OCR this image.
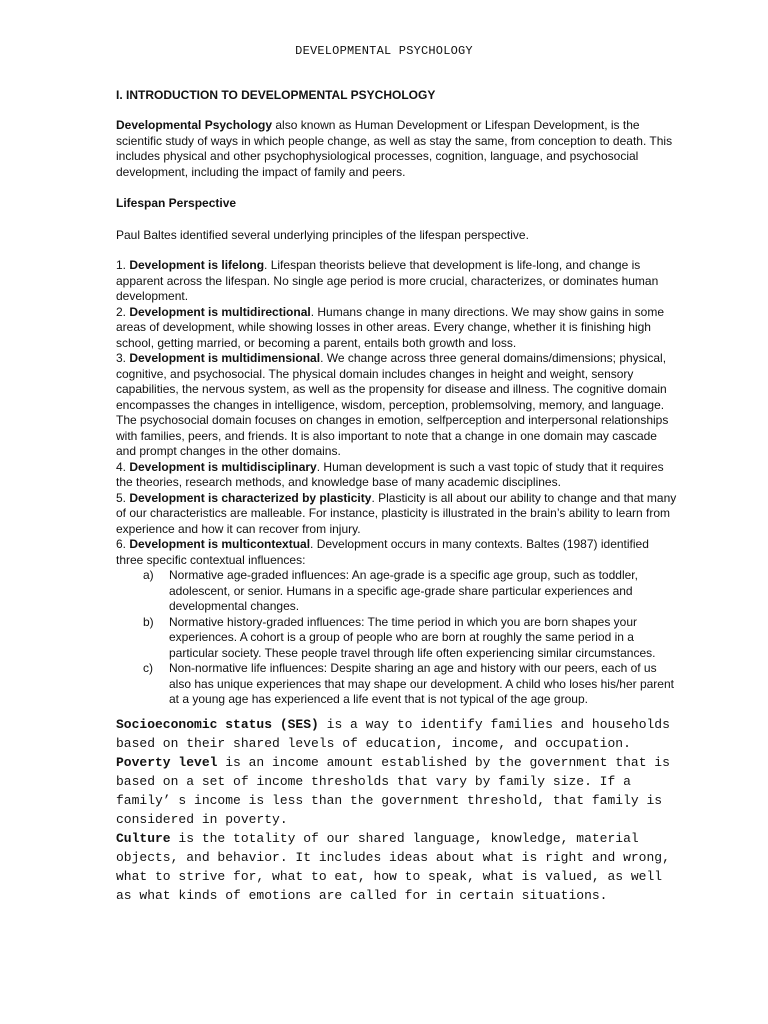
DEVELOPMENTAL PSYCHOLOGY
I. INTRODUCTION TO DEVELOPMENTAL PSYCHOLOGY
Developmental Psychology also known as Human Development or Lifespan Development, is the scientific study of ways in which people change, as well as stay the same, from conception to death. This includes physical and other psychophysiological processes, cognition, language, and psychosocial development, including the impact of family and peers.
Lifespan Perspective
Paul Baltes identified several underlying principles of the lifespan perspective.

1. Development is lifelong. Lifespan theorists believe that development is life-long, and change is apparent across the lifespan. No single age period is more crucial, characterizes, or dominates human development.

2. Development is multidirectional. Humans change in many directions. We may show gains in some areas of development, while showing losses in other areas. Every change, whether it is finishing high school, getting married, or becoming a parent, entails both growth and loss.

3. Development is multidimensional. We change across three general domains/dimensions; physical, cognitive, and psychosocial. The physical domain includes changes in height and weight, sensory capabilities, the nervous system, as well as the propensity for disease and illness. The cognitive domain encompasses the changes in intelligence, wisdom, perception, problemsolving, memory, and language. The psychosocial domain focuses on changes in emotion, selfperception and interpersonal relationships with families, peers, and friends. It is also important to note that a change in one domain may cascade and prompt changes in the other domains.

4. Development is multidisciplinary. Human development is such a vast topic of study that it requires the theories, research methods, and knowledge base of many academic disciplines.

5. Development is characterized by plasticity. Plasticity is all about our ability to change and that many of our characteristics are malleable. For instance, plasticity is illustrated in the brain’s ability to learn from experience and how it can recover from injury.

6. Development is multicontextual. Development occurs in many contexts. Baltes (1987) identified three specific contextual influences:

a) Normative age-graded influences: An age-grade is a specific age group, such as toddler, adolescent, or senior. Humans in a specific age-grade share particular experiences and developmental changes.
b) Normative history-graded influences: The time period in which you are born shapes your experiences. A cohort is a group of people who are born at roughly the same period in a particular society. These people travel through life often experiencing similar circumstances.
c) Non-normative life influences: Despite sharing an age and history with our peers, each of us also has unique experiences that may shape our development. A child who loses his/her parent at a young age has experienced a life event that is not typical of the age group.

Socioeconomic status (SES) is a way to identify families and households based on their shared levels of education, income, and occupation.

Poverty level is an income amount established by the government that is based on a set of income thresholds that vary by family size. If a family’ s income is less than the government threshold, that family is considered in poverty.

Culture is the totality of our shared language, knowledge, material objects, and behavior. It includes ideas about what is right and wrong, what to strive for, what to eat, how to speak, what is valued, as well as what kinds of emotions are called for in certain situations.
